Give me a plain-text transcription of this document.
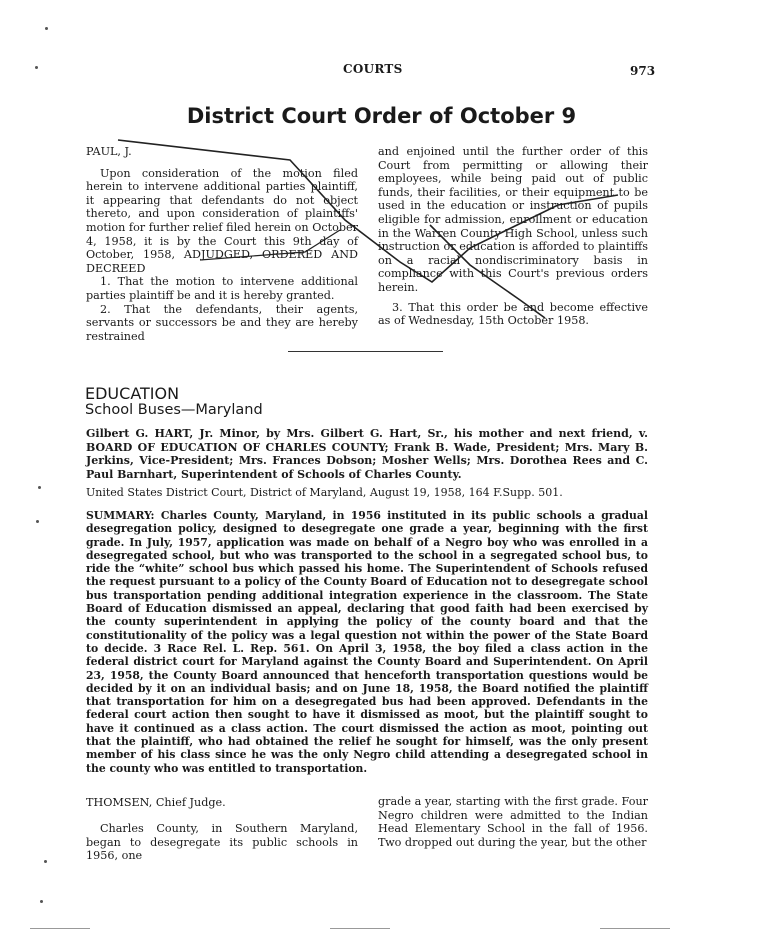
COURTS	973
District Court Order of October 9

PAUL, J.

Upon consideration of the motion filed herein to intervene additional parties plaintiff, it appearing that defendants do not object thereto, and upon consideration of plaintiffs' motion for further relief filed herein on October 4, 1958, it is by the Court this 9th day of October, 1958, ADJUDGED, ORDERED AND DECREED

1. That the motion to intervene additional parties plaintiff be and it is hereby granted.

2. That the defendants, their agents, servants or successors be and they are hereby restrained

and enjoined until the further order of this Court from permitting or allowing their employees, while being paid out of public funds, their facilities, or their equipment to be used in the education or instruction of pupils eligible for admission, enrollment or education in the Warren County High School, unless such instruction or education is afforded to plaintiffs on a racial nondiscriminatory basis in compliance with this Court's previous orders herein.

3. That this order be and become effective as of Wednesday, 15th October 1958.

EDUCATION
School Buses—Maryland
Gilbert G. HART, Jr. Minor, by Mrs. Gilbert G. Hart, Sr., his mother and next friend, v. BOARD OF EDUCATION OF CHARLES COUNTY; Frank B. Wade, President; Mrs. Mary B. Jerkins, Vice-President; Mrs. Frances Dobson; Mosher Wells; Mrs. Dorothea Rees and C. Paul Barnhart, Superintendent of Schools of Charles County.
United States District Court, District of Maryland, August 19, 1958, 164 F.Supp. 501.
SUMMARY: Charles County, Maryland, in 1956 instituted in its public schools a gradual desegregation policy, designed to desegregate one grade a year, beginning with the first grade. In July, 1957, application was made on behalf of a Negro boy who was enrolled in a desegregated school, but who was transported to the school in a segregated school bus, to ride the “white” school bus which passed his home. The Superintendent of Schools refused the request pursuant to a policy of the County Board of Education not to desegregate school bus transportation pending additional integration experience in the classroom. The State Board of Education dismissed an appeal, declaring that good faith had been exercised by the county superintendent in applying the policy of the county board and that the constitutionality of the policy was a legal question not within the power of the State Board to decide. 3 Race Rel. L. Rep. 561. On April 3, 1958, the boy filed a class action in the federal district court for Maryland against the County Board and Superintendent. On April 23, 1958, the County Board announced that henceforth transportation questions would be decided by it on an individual basis; and on June 18, 1958, the Board notified the plaintiff that transportation for him on a desegregated bus had been approved. Defendants in the federal court action then sought to have it dismissed as moot, but the plaintiff sought to have it continued as a class action. The court dismissed the action as moot, pointing out that the plaintiff, who had obtained the relief he sought for himself, was the only present member of his class since he was the only Negro child attending a desegregated school in the county who was entitled to transportation.
THOMSEN, Chief Judge.
Charles County, in Southern Maryland, began to desegregate its public schools in 1956, one
grade a year, starting with the first grade. Four Negro children were admitted to the Indian Head Elementary School in the fall of 1956. Two dropped out during the year, but the other
